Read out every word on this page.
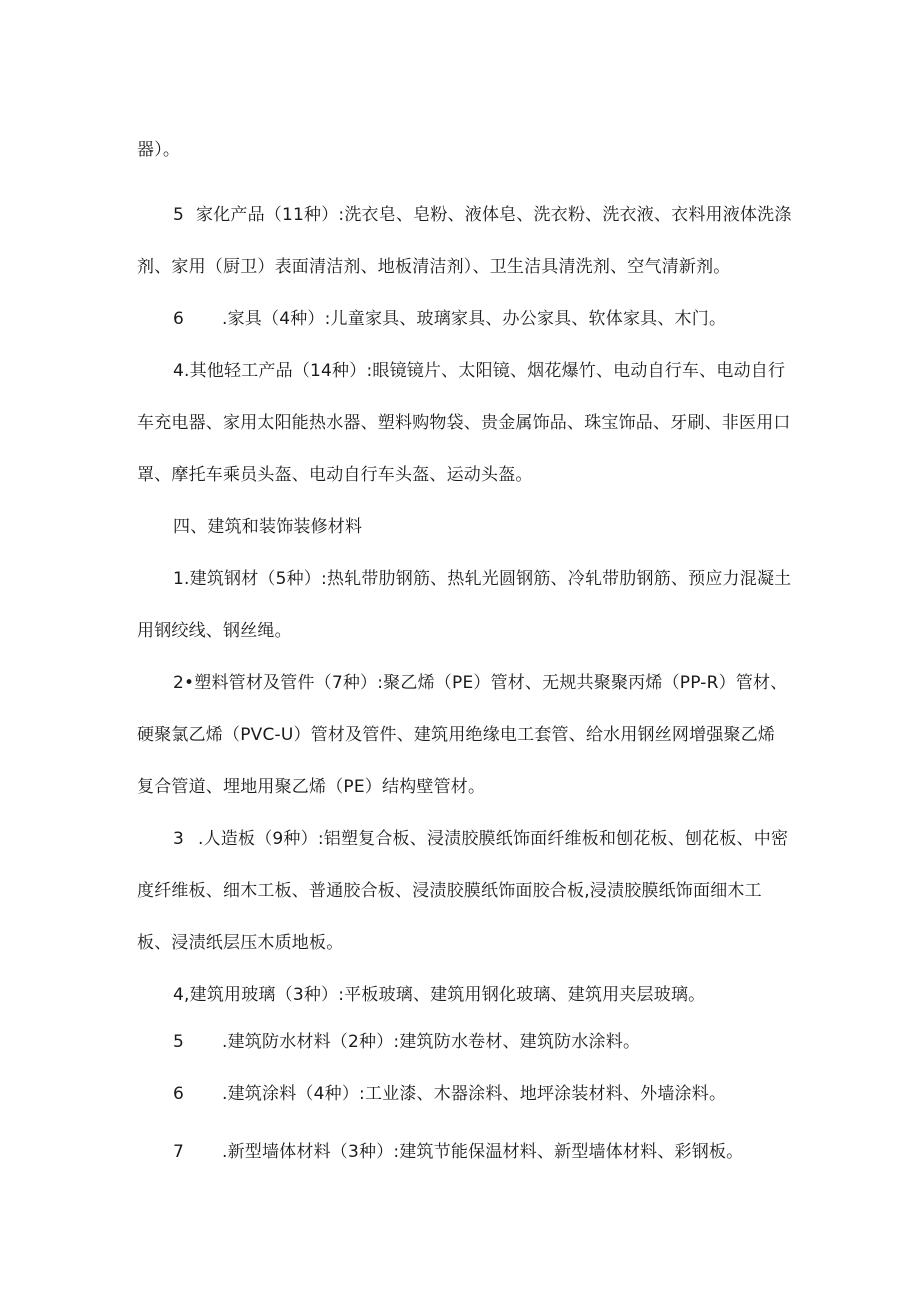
器）。
5 家化产品（11种）:洗衣皂、皂粉、液体皂、洗衣粉、洗衣液、衣料用液体洗涤
剂、家用（厨卫）表面清洁剂、地板清洁剂）、卫生洁具清洗剂、空气清新剂。
6 .家具（4种）:儿童家具、玻璃家具、办公家具、软体家具、木门。
4.其他轻工产品（14种）:眼镜镜片、太阳镜、烟花爆竹、电动自行车、电动自行
车充电器、家用太阳能热水器、塑料购物袋、贵金属饰品、珠宝饰品、牙刷、非医用口
罩、摩托车乘员头盔、电动自行车头盔、运动头盔。
四、建筑和装饰装修材料
1.建筑钢材（5种）:热轧带肋钢筋、热轧光圆钢筋、冷轧带肋钢筋、预应力混凝土
用钢绞线、钢丝绳。
2•塑料管材及管件（7种）:聚乙烯（PE）管材、无规共聚聚丙烯（PP-R）管材、
硬聚氯乙烯（PVC-U）管材及管件、建筑用绝缘电工套管、给水用钢丝网增强聚乙烯
复合管道、埋地用聚乙烯（PE）结构壁管材。
3 .人造板（9种）:铝塑复合板、浸渍胶膜纸饰面纤维板和刨花板、刨花板、中密
度纤维板、细木工板、普通胶合板、浸渍胶膜纸饰面胶合板,浸渍胶膜纸饰面细木工
板、浸渍纸层压木质地板。
4,建筑用玻璃（3种）:平板玻璃、建筑用钢化玻璃、建筑用夹层玻璃。
5 .建筑防水材料（2种）:建筑防水卷材、建筑防水涂料。
6 .建筑涂料（4种）:工业漆、木器涂料、地坪涂装材料、外墙涂料。
7 .新型墙体材料（3种）:建筑节能保温材料、新型墙体材料、彩钢板。
